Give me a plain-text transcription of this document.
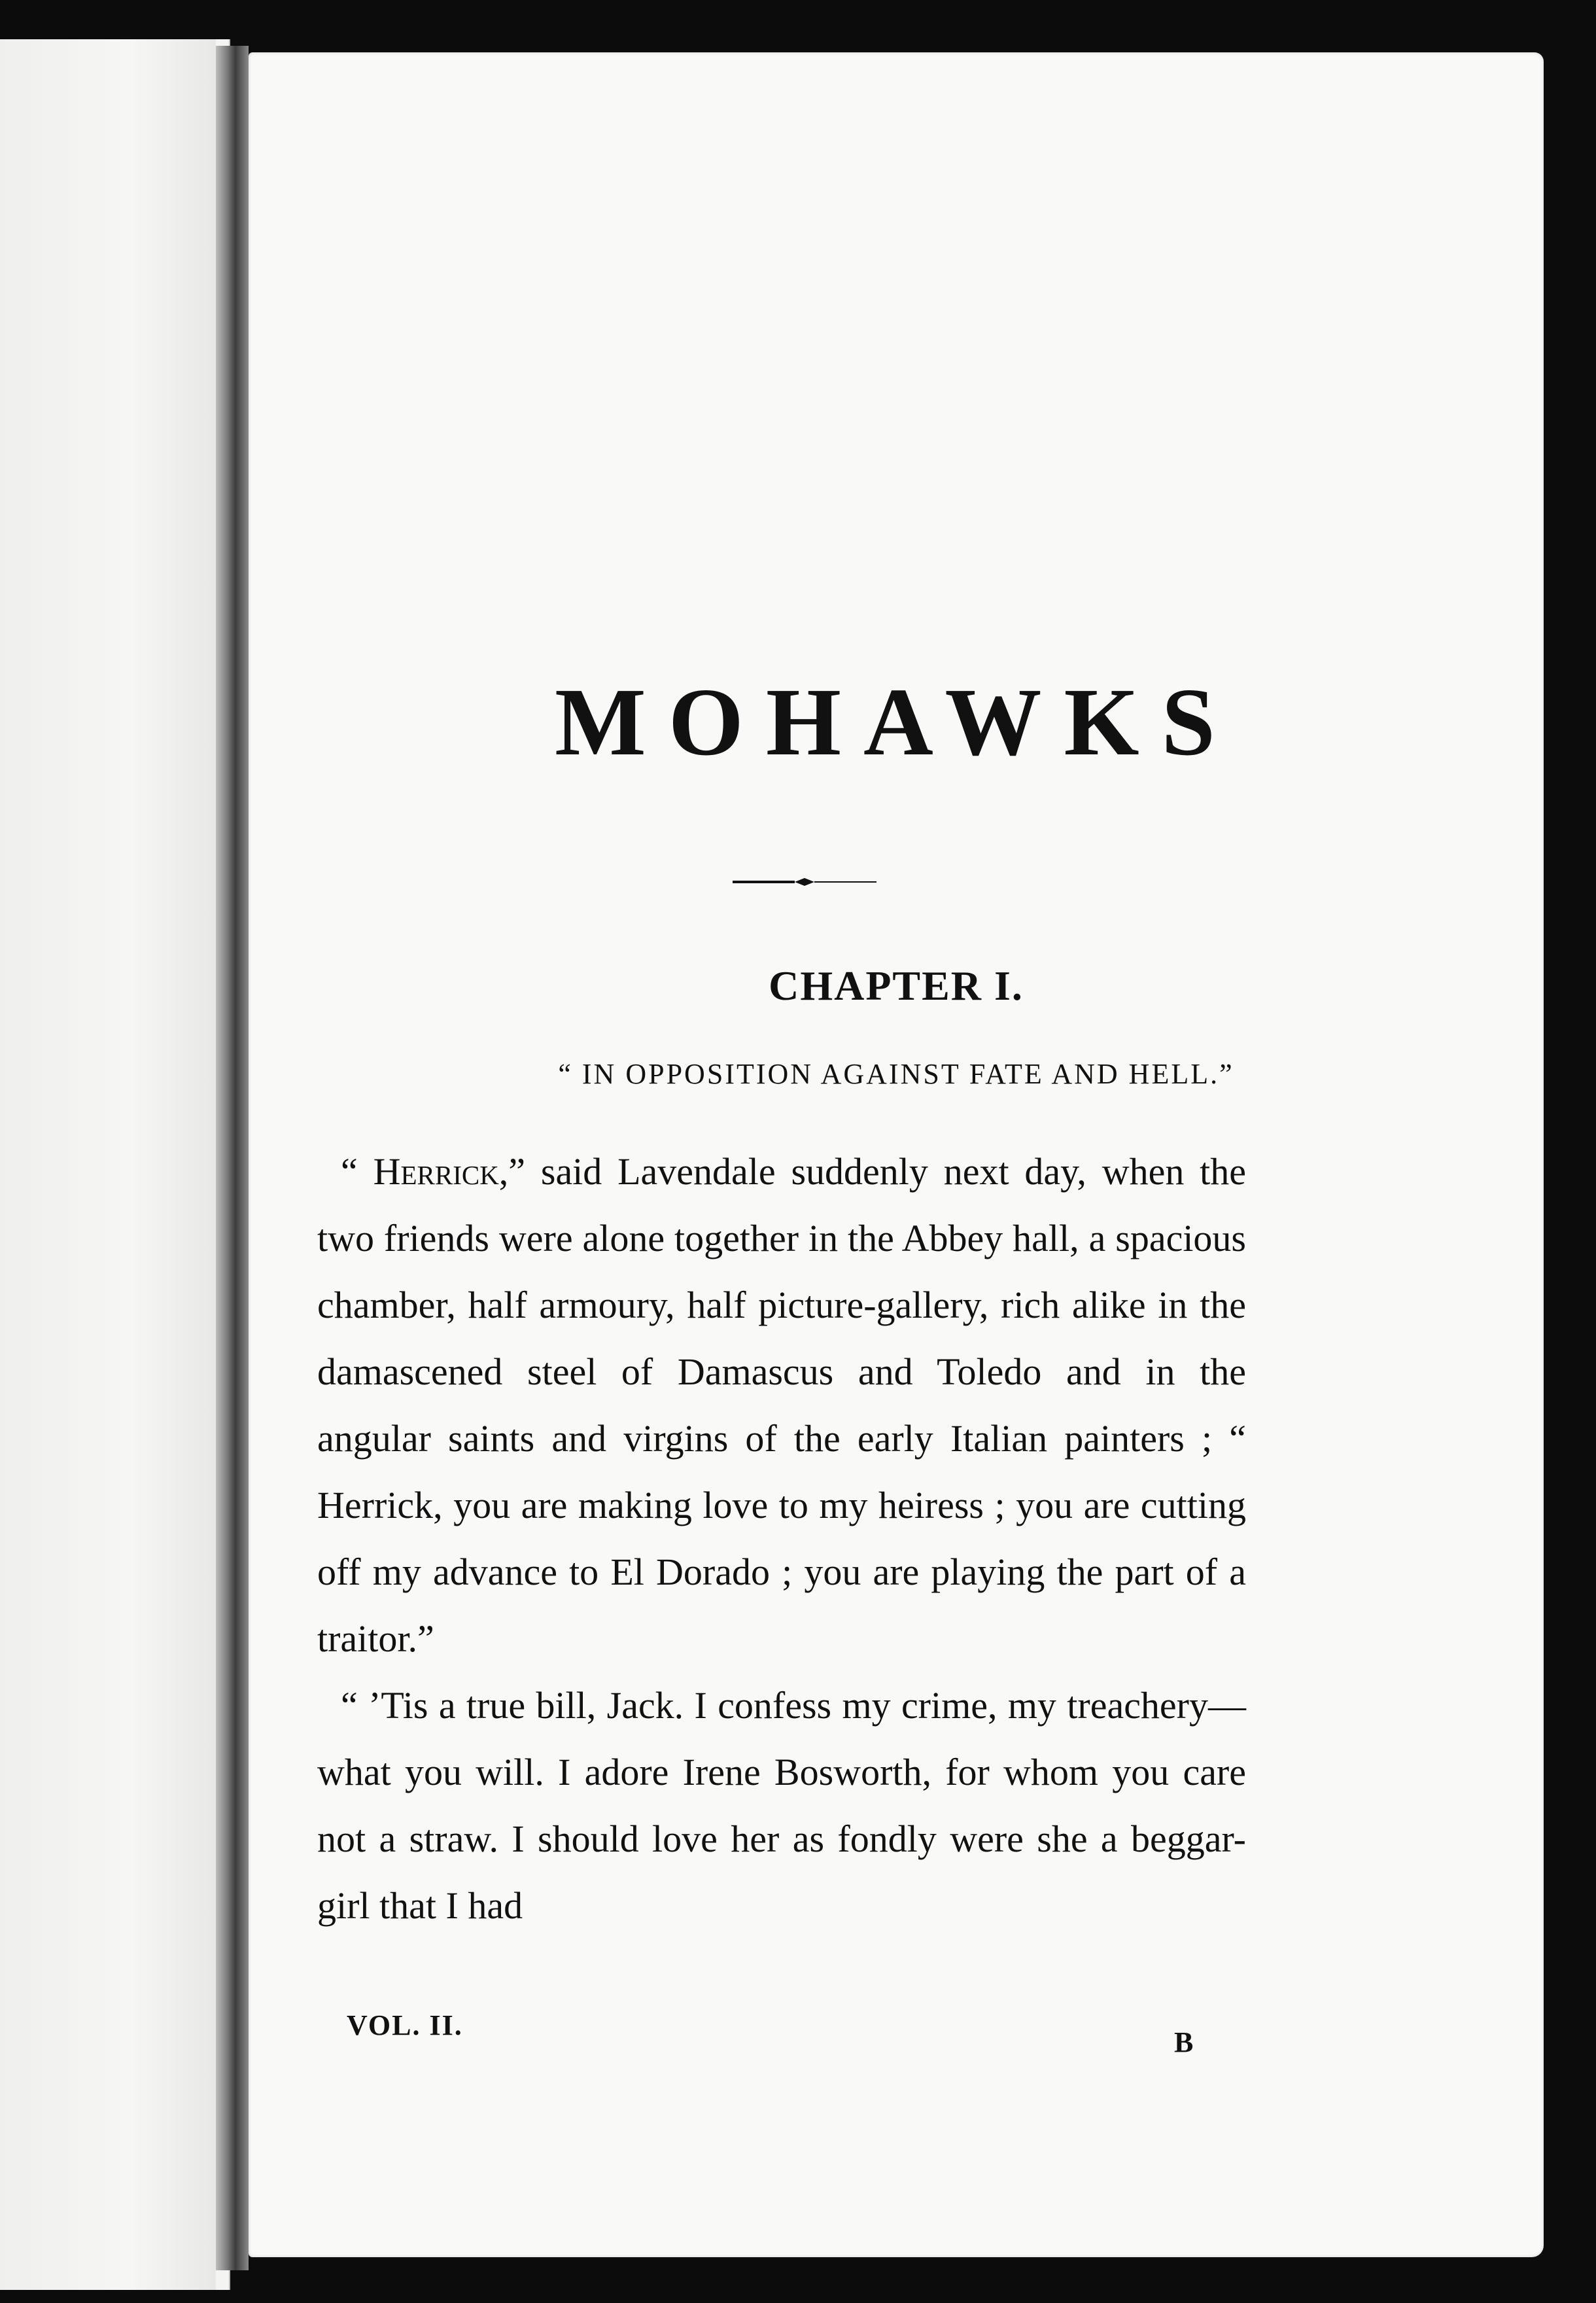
MOHAWKS
CHAPTER I.
“ IN OPPOSITION AGAINST FATE AND HELL.”

“ Herrick,” said Lavendale suddenly next day, when the two friends were alone together in the Abbey hall, a spacious chamber, half armoury, half picture-gallery, rich alike in the damascened steel of Damascus and Toledo and in the angular saints and virgins of the early Italian painters ; “ Herrick, you are making love to my heiress ; you are cutting off my advance to El Dorado ; you are playing the part of a traitor.”

“ ’Tis a true bill, Jack. I confess my crime, my treachery—what you will. I adore Irene Bosworth, for whom you care not a straw. I should love her as fondly were she a beggar-girl that I had

VOL. II.
B
